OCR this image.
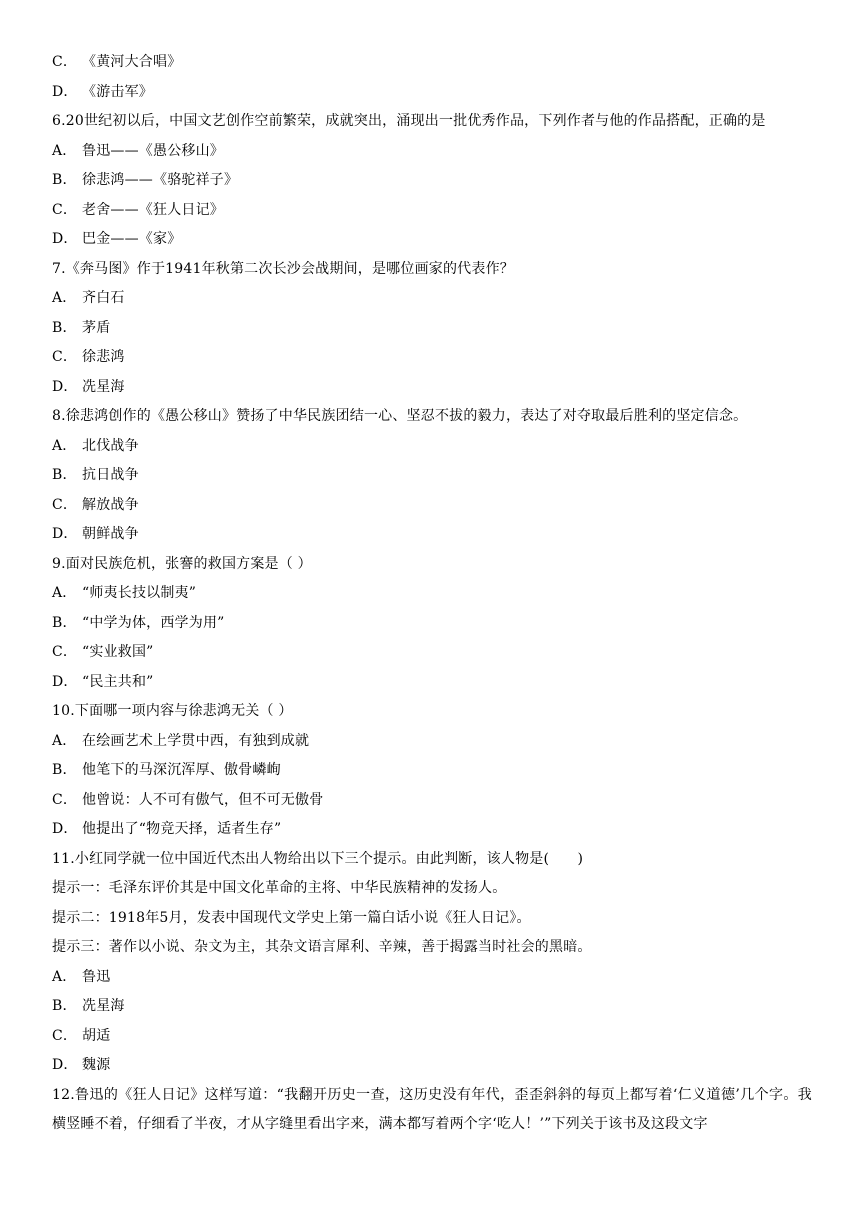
C． 《黄河大合唱》
D． 《游击军》
6.20世纪初以后，中国文艺创作空前繁荣，成就突出，涌现出一批优秀作品，下列作者与他的作品搭配，正确的是
A． 鲁迅——《愚公移山》
B． 徐悲鸿——《骆驼祥子》
C． 老舍——《狂人日记》
D． 巴金——《家》
7.《奔马图》作于1941年秋第二次长沙会战期间，是哪位画家的代表作？
A． 齐白石
B． 茅盾
C． 徐悲鸿
D． 冼星海
8.徐悲鸿创作的《愚公移山》赞扬了中华民族团结一心、坚忍不拔的毅力，表达了对夺取最后胜利的坚定信念。
A． 北伐战争
B． 抗日战争
C． 解放战争
D． 朝鲜战争
9.面对民族危机，张謇的救国方案是（ ）
A． “师夷长技以制夷”
B． “中学为体，西学为用”
C． “实业救国”
D． “民主共和”
10.下面哪一项内容与徐悲鸿无关（ ）
A． 在绘画艺术上学贯中西，有独到成就
B． 他笔下的马深沉浑厚、傲骨嶙峋
C． 他曾说：人不可有傲气，但不可无傲骨
D． 他提出了“物竞天择，适者生存”
11.小红同学就一位中国近代杰出人物给出以下三个提示。由此判断，该人物是(　　)
提示一：毛泽东评价其是中国文化革命的主将、中华民族精神的发扬人。
提示二：1918年5月，发表中国现代文学史上第一篇白话小说《狂人日记》。
提示三：著作以小说、杂文为主，其杂文语言犀利、辛辣，善于揭露当时社会的黑暗。
A． 鲁迅
B． 冼星海
C． 胡适
D． 魏源
12.鲁迅的《狂人日记》这样写道：“我翻开历史一查，这历史没有年代，歪歪斜斜的每页上都写着‘仁义道德’几个字。我横竖睡不着，仔细看了半夜，才从字缝里看出字来，满本都写着两个字‘吃人！’”下列关于该书及这段文字
